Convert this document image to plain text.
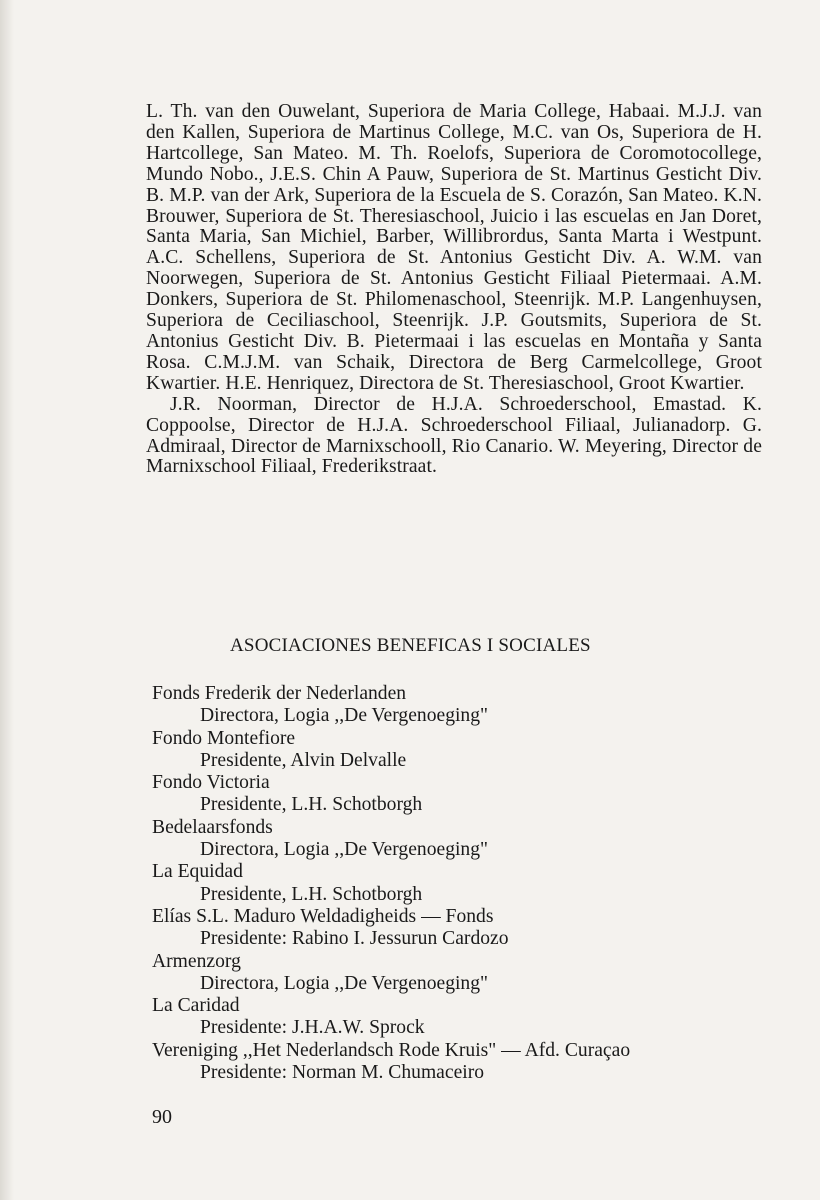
L. Th. van den Ouwelant, Superiora de Maria College, Habaai. M.J.J. van den Kallen, Superiora de Martinus College, M.C. van Os, Superiora de H. Hartcollege, San Mateo. M. Th. Roelofs, Superiora de Coromotocollege, Mundo Nobo., J.E.S. Chin A Pauw, Superiora de St. Martinus Gesticht Div. B. M.P. van der Ark, Superiora de la Escuela de S. Corazón, San Mateo. K.N. Brouwer, Superiora de St. Theresiaschool, Juicio i las escuelas en Jan Doret, Santa Maria, San Michiel, Barber, Willibrordus, Santa Marta i Westpunt. A.C. Schellens, Superiora de St. Antonius Gesticht Div. A. W.M. van Noorwegen, Superiora de St. Antonius Gesticht Filiaal Pietermaai. A.M. Donkers, Superiora de St. Philomenaschool, Steenrijk. M.P. Langenhuysen, Superiora de Ceciliaschool, Steenrijk. J.P. Goutsmits, Superiora de St. Antonius Gesticht Div. B. Pietermaai i las escuelas en Montaña y Santa Rosa. C.M.J.M. van Schaik, Directora de Berg Carmelcollege, Groot Kwartier. H.E. Henriquez, Directora de St. Theresiaschool, Groot Kwartier.

J.R. Noorman, Director de H.J.A. Schroederschool, Emastad. K. Coppoolse, Director de H.J.A. Schroederschool Filiaal, Julianadorp. G. Admiraal, Director de Marnixschooll, Rio Canario. W. Meyering, Director de Marnixschool Filiaal, Frederikstraat.

ASOCIACIONES BENEFICAS I SOCIALES
Fonds Frederik der Nederlanden
Directora, Logia ,,De Vergenoeging"
Fondo Montefiore
Presidente, Alvin Delvalle
Fondo Victoria
Presidente, L.H. Schotborgh
Bedelaarsfonds
Directora, Logia ,,De Vergenoeging"
La Equidad
Presidente, L.H. Schotborgh
Elías S.L. Maduro Weldadigheids — Fonds
Presidente: Rabino I. Jessurun Cardozo
Armenzorg
Directora, Logia ,,De Vergenoeging"
La Caridad
Presidente: J.H.A.W. Sprock
Vereniging ,,Het Nederlandsch Rode Kruis" — Afd. Curaçao
Presidente: Norman M. Chumaceiro
90
